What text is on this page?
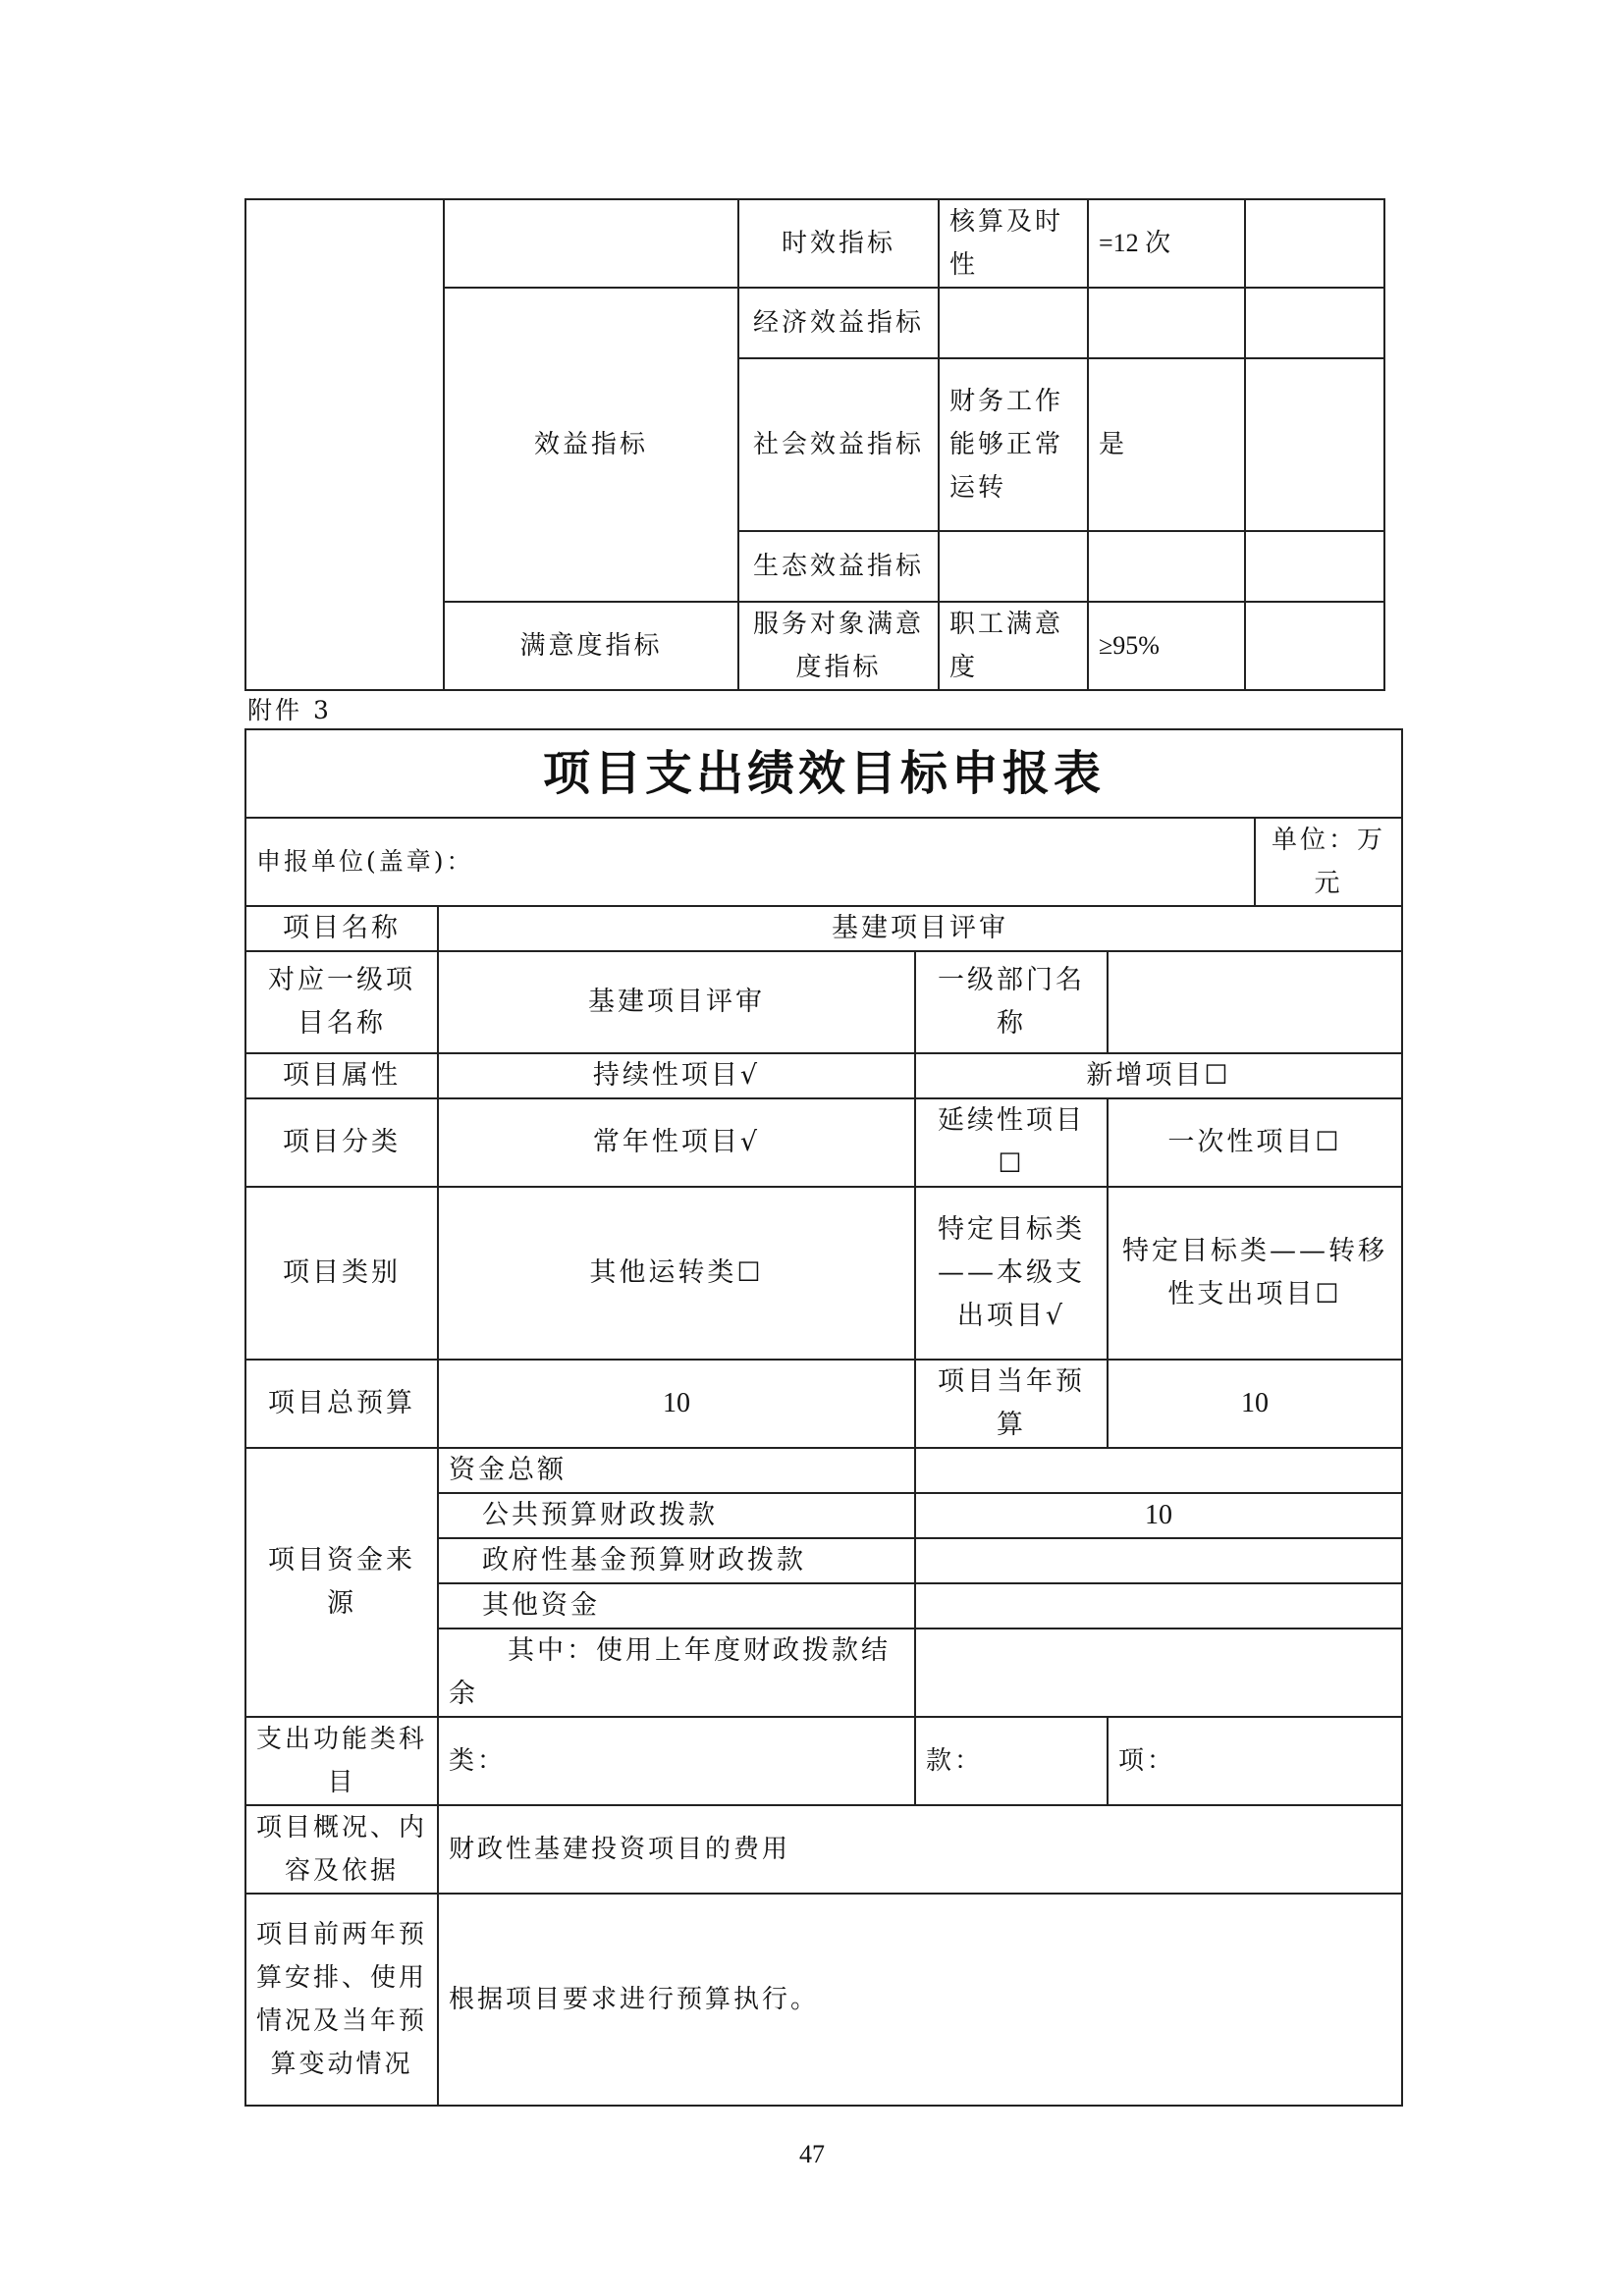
		时效指标	核算及时性	=12 次	
	效益指标	经济效益指标			
		社会效益指标	财务工作能够正常运转	是	
		生态效益指标			
	满意度指标	服务对象满意度指标	职工满意度	≥95%	
附件 3
项目支出绩效目标申报表				
申报单位(盖章)：				单位：万元
项目名称	基建项目评审			
对应一级项目名称	基建项目评审	一级部门名称		
项目属性	持续性项目√	新增项目☐		
项目分类	常年性项目√	延续性项目☐	一次性项目☐	
项目类别	其他运转类☐	特定目标类——本级支出项目√	特定目标类——转移性支出项目☐	
项目总预算	10	项目当年预算	10	
项目资金来源	资金总额			
	公共预算财政拨款	10		
	政府性基金预算财政拨款			
	其他资金			
	其中：使用上年度财政拨款结余			
支出功能类科目	类：	款：	项：	
项目概况、内容及依据	财政性基建投资项目的费用			
项目前两年预算安排、使用情况及当年预算变动情况	根据项目要求进行预算执行。			
47
